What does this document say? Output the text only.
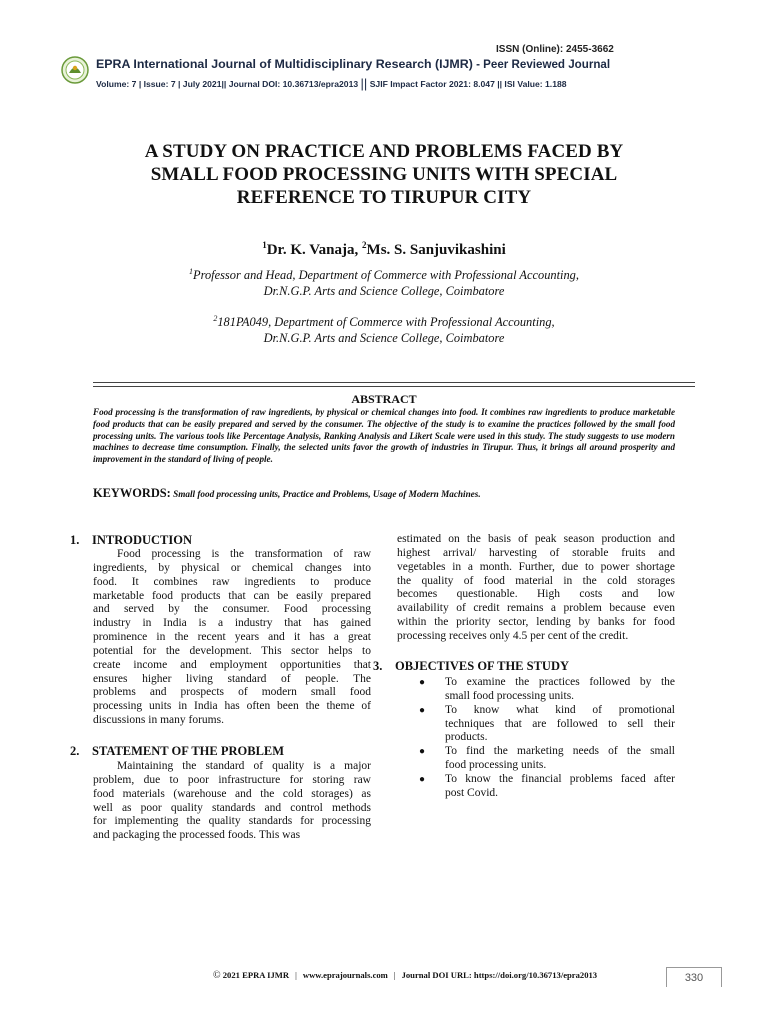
ISSN (Online): 2455-3662
EPRA International Journal of Multidisciplinary Research (IJMR) - Peer Reviewed Journal
Volume: 7 | Issue: 7 | July 2021|| Journal DOI: 10.36713/epra2013 || SJIF Impact Factor 2021: 8.047 || ISI Value: 1.188
A STUDY ON PRACTICE AND PROBLEMS FACED BY
SMALL FOOD PROCESSING UNITS WITH SPECIAL
REFERENCE TO TIRUPUR CITY
$^1$Dr. K. Vanaja, $^2$Ms. S. Sanjuvikashini
$^1$Professor and Head, Department of Commerce with Professional Accounting,
Dr.N.G.P. Arts and Science College, Coimbatore
$^2$181PA049, Department of Commerce with Professional Accounting,
Dr.N.G.P. Arts and Science College, Coimbatore
ABSTRACT
Food processing is the transformation of raw ingredients, by physical or chemical changes into food. It combines raw ingredients to produce marketable food products that can be easily prepared and served by the consumer. The objective of the study is to examine the practices followed by the small food processing units. The various tools like Percentage Analysis, Ranking Analysis and Likert Scale were used in this study. The study suggests to use modern machines to decrease time consumption. Finally, the selected units favor the growth of industries in Tirupur. Thus, it brings all around prosperity and improvement in the standard of living of people.
KEYWORDS: Small food processing units, Practice and Problems, Usage of Modern Machines.
1. INTRODUCTION
Food processing is the transformation of raw
ingredients, by physical or chemical changes into
food. It combines raw ingredients to produce
marketable food products that can be easily prepared
and served by the consumer. Food processing
industry in India is a industry that has gained
prominence in the recent years and it has a great
potential for the development. This sector helps to
create income and employment opportunities that
ensures higher living standard of people. The
problems and prospects of modern small food
processing units in India has often been the theme of
discussions in many forums.
2. STATEMENT OF THE PROBLEM
Maintaining the standard of quality is a major
problem, due to poor infrastructure for storing raw
food materials (warehouse and the cold storages) as
well as poor quality standards and control methods
for implementing the quality standards for processing
and packaging the processed foods. This was
estimated on the basis of peak season production and
highest arrival/ harvesting of storable fruits and
vegetables in a month. Further, due to power shortage
the quality of food material in the cold storages
becomes questionable. High costs and low
availability of credit remains a problem because even
within the priority sector, lending by banks for food
processing receives only 4.5 per cent of the credit.
3. OBJECTIVES OF THE STUDY
● To examine the practices followed by the
small food processing units.
● To know what kind of promotional
techniques that are followed to sell their
products.
● To find the marketing needs of the small
food processing units.
● To know the financial problems faced after
post Covid.
© 2021 EPRA IJMR | www.eprajournals.com | Journal DOI URL: https://doi.org/10.36713/epra2013	330
